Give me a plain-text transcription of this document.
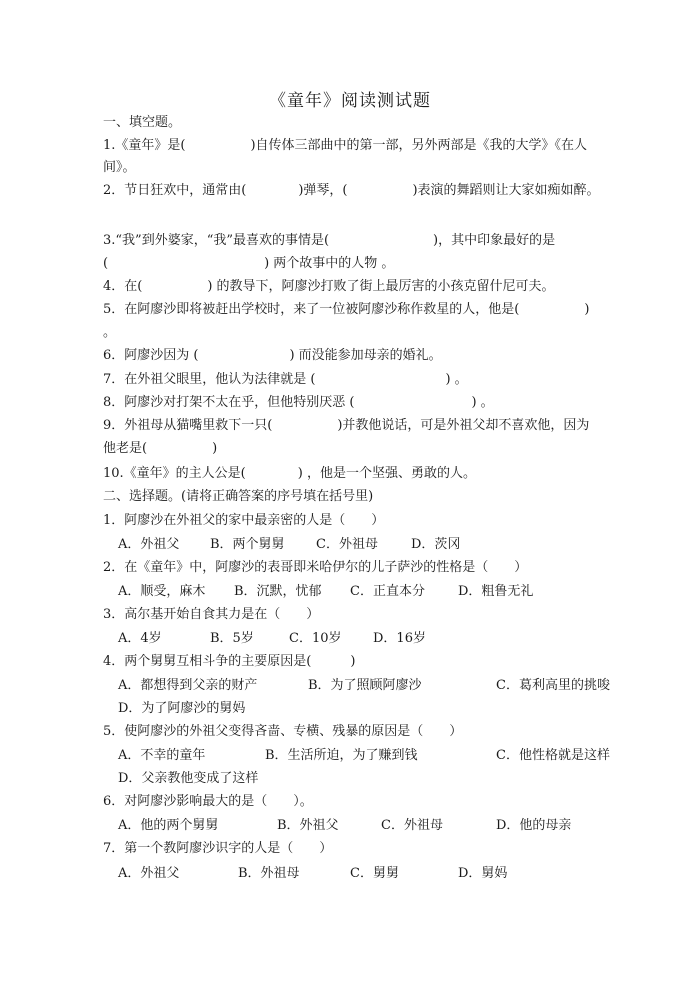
《童年》阅读测试题
一、填空题。
1.《童年》是(　　　　　)自传体三部曲中的第一部，另外两部是《我的大学》《在人
间》。
2．节日狂欢中，通常由(　　　　)弹琴，(　　　　　)表演的舞蹈则让大家如痴如醉。
3.“我”到外婆家，“我”最喜欢的事情是(　　　　　　　　)，其中印象最好的是
(　　　　　　　　　　　　) 两个故事中的人物 。
4．在(　　　　　) 的教导下，阿廖沙打败了街上最厉害的小孩克留什尼可夫。
5．在阿廖沙即将被赶出学校时，来了一位被阿廖沙称作救星的人，他是(　　　　　)
。
6．阿廖沙因为 (　　　　　　　) 而没能参加母亲的婚礼。
7．在外祖父眼里，他认为法律就是 (　　　　　　　　　　) 。
8．阿廖沙对打架不太在乎，但他特别厌恶 (　　　　　　　　　) 。
9．外祖母从猫嘴里救下一只(　　　　　)并教他说话，可是外祖父却不喜欢他，因为
他老是(　　　　　)
10.《童年》的主人公是(　　　　) ，他是一个坚强、勇敢的人。
二、选择题。(请将正确答案的序号填在括号里)
1．阿廖沙在外祖父的家中最亲密的人是（　　）
A．外祖父 B．两个舅舅 C．外祖母	D．茨冈
2．在《童年》中，阿廖沙的表哥即米哈伊尔的儿子萨沙的性格是（　　）
A．顺受，麻木 B．沉默，忧郁 C．正直本分	D．粗鲁无礼
3．高尔基开始自食其力是在（　　）
A．4岁	B．5岁	C．10岁 D．16岁
4．两个舅舅互相斗争的主要原因是(　　　)
A．都想得到父亲的财产	B．为了照顾阿廖沙	C．葛利高里的挑唆
D．为了阿廖沙的舅妈
5．使阿廖沙的外祖父变得吝啬、专横、残暴的原因是（　　）
A．不幸的童年	B．生活所迫，为了赚到钱	C．他性格就是这样
D．父亲教他变成了这样
6．对阿廖沙影响最大的是（　　）。
A．他的两个舅舅	B．外祖父	C．外祖母	D．他的母亲
7．第一个教阿廖沙识字的人是（　　）
A．外祖父	B．外祖母	C．舅舅	D．舅妈
